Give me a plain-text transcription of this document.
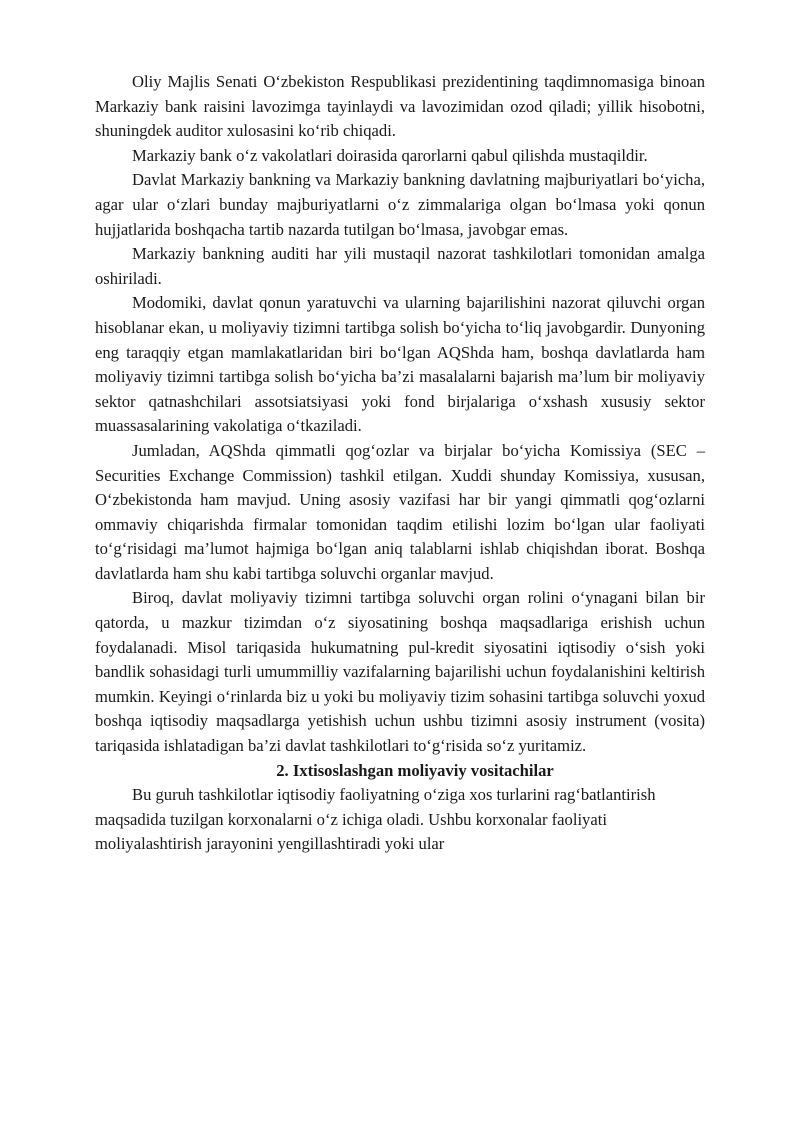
Oliy Majlis Senati O‘zbekiston Respublikasi prezidentining taqdimnomasiga binoan Markaziy bank raisini lavozimga tayinlaydi va lavozimidan ozod qiladi; yillik hisobotni, shuningdek auditor xulosasini ko‘rib chiqadi.

Markaziy bank o‘z vakolatlari doirasida qarorlarni qabul qilishda mustaqildir.

Davlat Markaziy bankning va Markaziy bankning davlatning majburiyatlari bo‘yicha, agar ular o‘zlari bunday majburiyatlarni o‘z zimmalariga olgan bo‘lmasa yoki qonun hujjatlarida boshqacha tartib nazarda tutilgan bo‘lmasa, javobgar emas.

Markaziy bankning auditi har yili mustaqil nazorat tashkilotlari tomonidan amalga oshiriladi.

Modomiki, davlat qonun yaratuvchi va ularning bajarilishini nazorat qiluvchi organ hisoblanar ekan, u moliyaviy tizimni tartibga solish bo‘yicha to‘liq javobgardir. Dunyoning eng taraqqiy etgan mamlakatlaridan biri bo‘lgan AQShda ham, boshqa davlatlarda ham moliyaviy tizimni tartibga solish bo‘yicha ba’zi masalalarni bajarish ma’lum bir moliyaviy sektor qatnashchilari assotsiatsiyasi yoki fond birjalariga o‘xshash xususiy sektor muassasalarining vakolatiga o‘tkaziladi.

Jumladan, AQShda qimmatli qog‘ozlar va birjalar bo‘yicha Komissiya (SEC – Securities Exchange Commission) tashkil etilgan. Xuddi shunday Komissiya, xususan, O‘zbekistonda ham mavjud. Uning asosiy vazifasi har bir yangi qimmatli qog‘ozlarni ommaviy chiqarishda firmalar tomonidan taqdim etilishi lozim bo‘lgan ular faoliyati to‘g‘risidagi ma’lumot hajmiga bo‘lgan aniq talablarni ishlab chiqishdan iborat. Boshqa davlatlarda ham shu kabi tartibga soluvchi organlar mavjud.

Biroq, davlat moliyaviy tizimni tartibga soluvchi organ rolini o‘ynagani bilan bir qatorda, u mazkur tizimdan o‘z siyosatining boshqa maqsadlariga erishish uchun foydalanadi. Misol tariqasida hukumatning pul-kredit siyosatini iqtisodiy o‘sish yoki bandlik sohasidagi turli umummilliy vazifalarning bajarilishi uchun foydalanishini keltirish mumkin. Keyingi o‘rinlarda biz u yoki bu moliyaviy tizim sohasini tartibga soluvchi yoxud boshqa iqtisodiy maqsadlarga yetishish uchun ushbu tizimni asosiy instrument (vosita) tariqasida ishlatadigan ba’zi davlat tashkilotlari to‘g‘risida so‘z yuritamiz.

2. Ixtisoslashgan moliyaviy vositachilar

Bu guruh tashkilotlar iqtisodiy faoliyatning o‘ziga xos turlarini rag‘batlantirish maqsadida tuzilgan korxonalarni o‘z ichiga oladi. Ushbu korxonalar faoliyati moliyalashtirish jarayonini yengillashtiradi yoki ular
